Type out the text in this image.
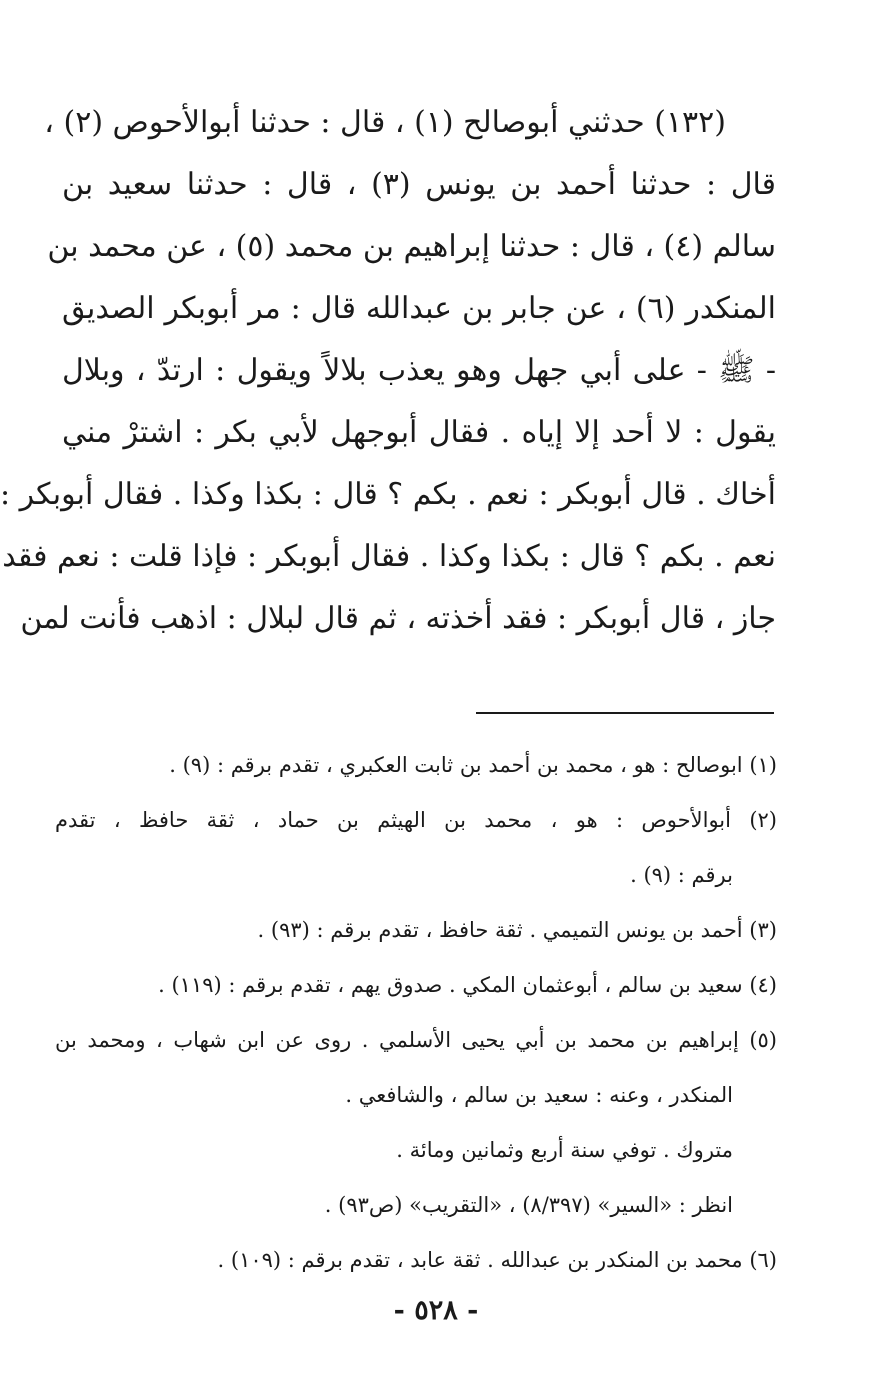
(١٣٢) حدثني أبوصالح (١) ، قال : حدثنا أبوالأحوص (٢) ،
قال : حدثنا أحمد بن يونس (٣) ، قال : حدثنا سعيد بن
سالم (٤) ، قال : حدثنا إبراهيم بن محمد (٥) ، عن محمد بن
المنكدر (٦) ، عن جابر بن عبدالله قال : مر أبوبكر الصديق
- ﷺ - على أبي جهل وهو يعذب بلالاً ويقول : ارتدّ ، وبلال
يقول : لا أحد إلا إياه . فقال أبوجهل لأبي بكر : اشترْ مني
أخاك . قال أبوبكر : نعم . بكم ؟ قال : بكذا وكذا . فقال أبوبكر :
نعم . بكم ؟ قال : بكذا وكذا . فقال أبوبكر : فإذا قلت : نعم فقد
جاز ، قال أبوبكر : فقد أخذته ، ثم قال لبلال : اذهب فأنت لمن
(١) ابوصالح : هو ، محمد بن أحمد بن ثابت العكبري ، تقدم برقم : (٩) .
(٢) أبوالأحوص : هو ، محمد بن الهيثم بن حماد ، ثقة حافظ ، تقدم
برقم : (٩) .
(٣) أحمد بن يونس التميمي . ثقة حافظ ، تقدم برقم : (٩٣) .
(٤) سعيد بن سالم ، أبوعثمان المكي . صدوق يهم ، تقدم برقم : (١١٩) .
(٥) إبراهيم بن محمد بن أبي يحيى الأسلمي . روى عن ابن شهاب ، ومحمد بن
المنكدر ، وعنه : سعيد بن سالم ، والشافعي .
متروك . توفي سنة أربع وثمانين ومائة .
انظر : «السير» (٨/٣٩٧) ، «التقريب» (ص٩٣) .
(٦) محمد بن المنكدر بن عبدالله . ثقة عابد ، تقدم برقم : (١٠٩) .
- ٥٢٨ -
